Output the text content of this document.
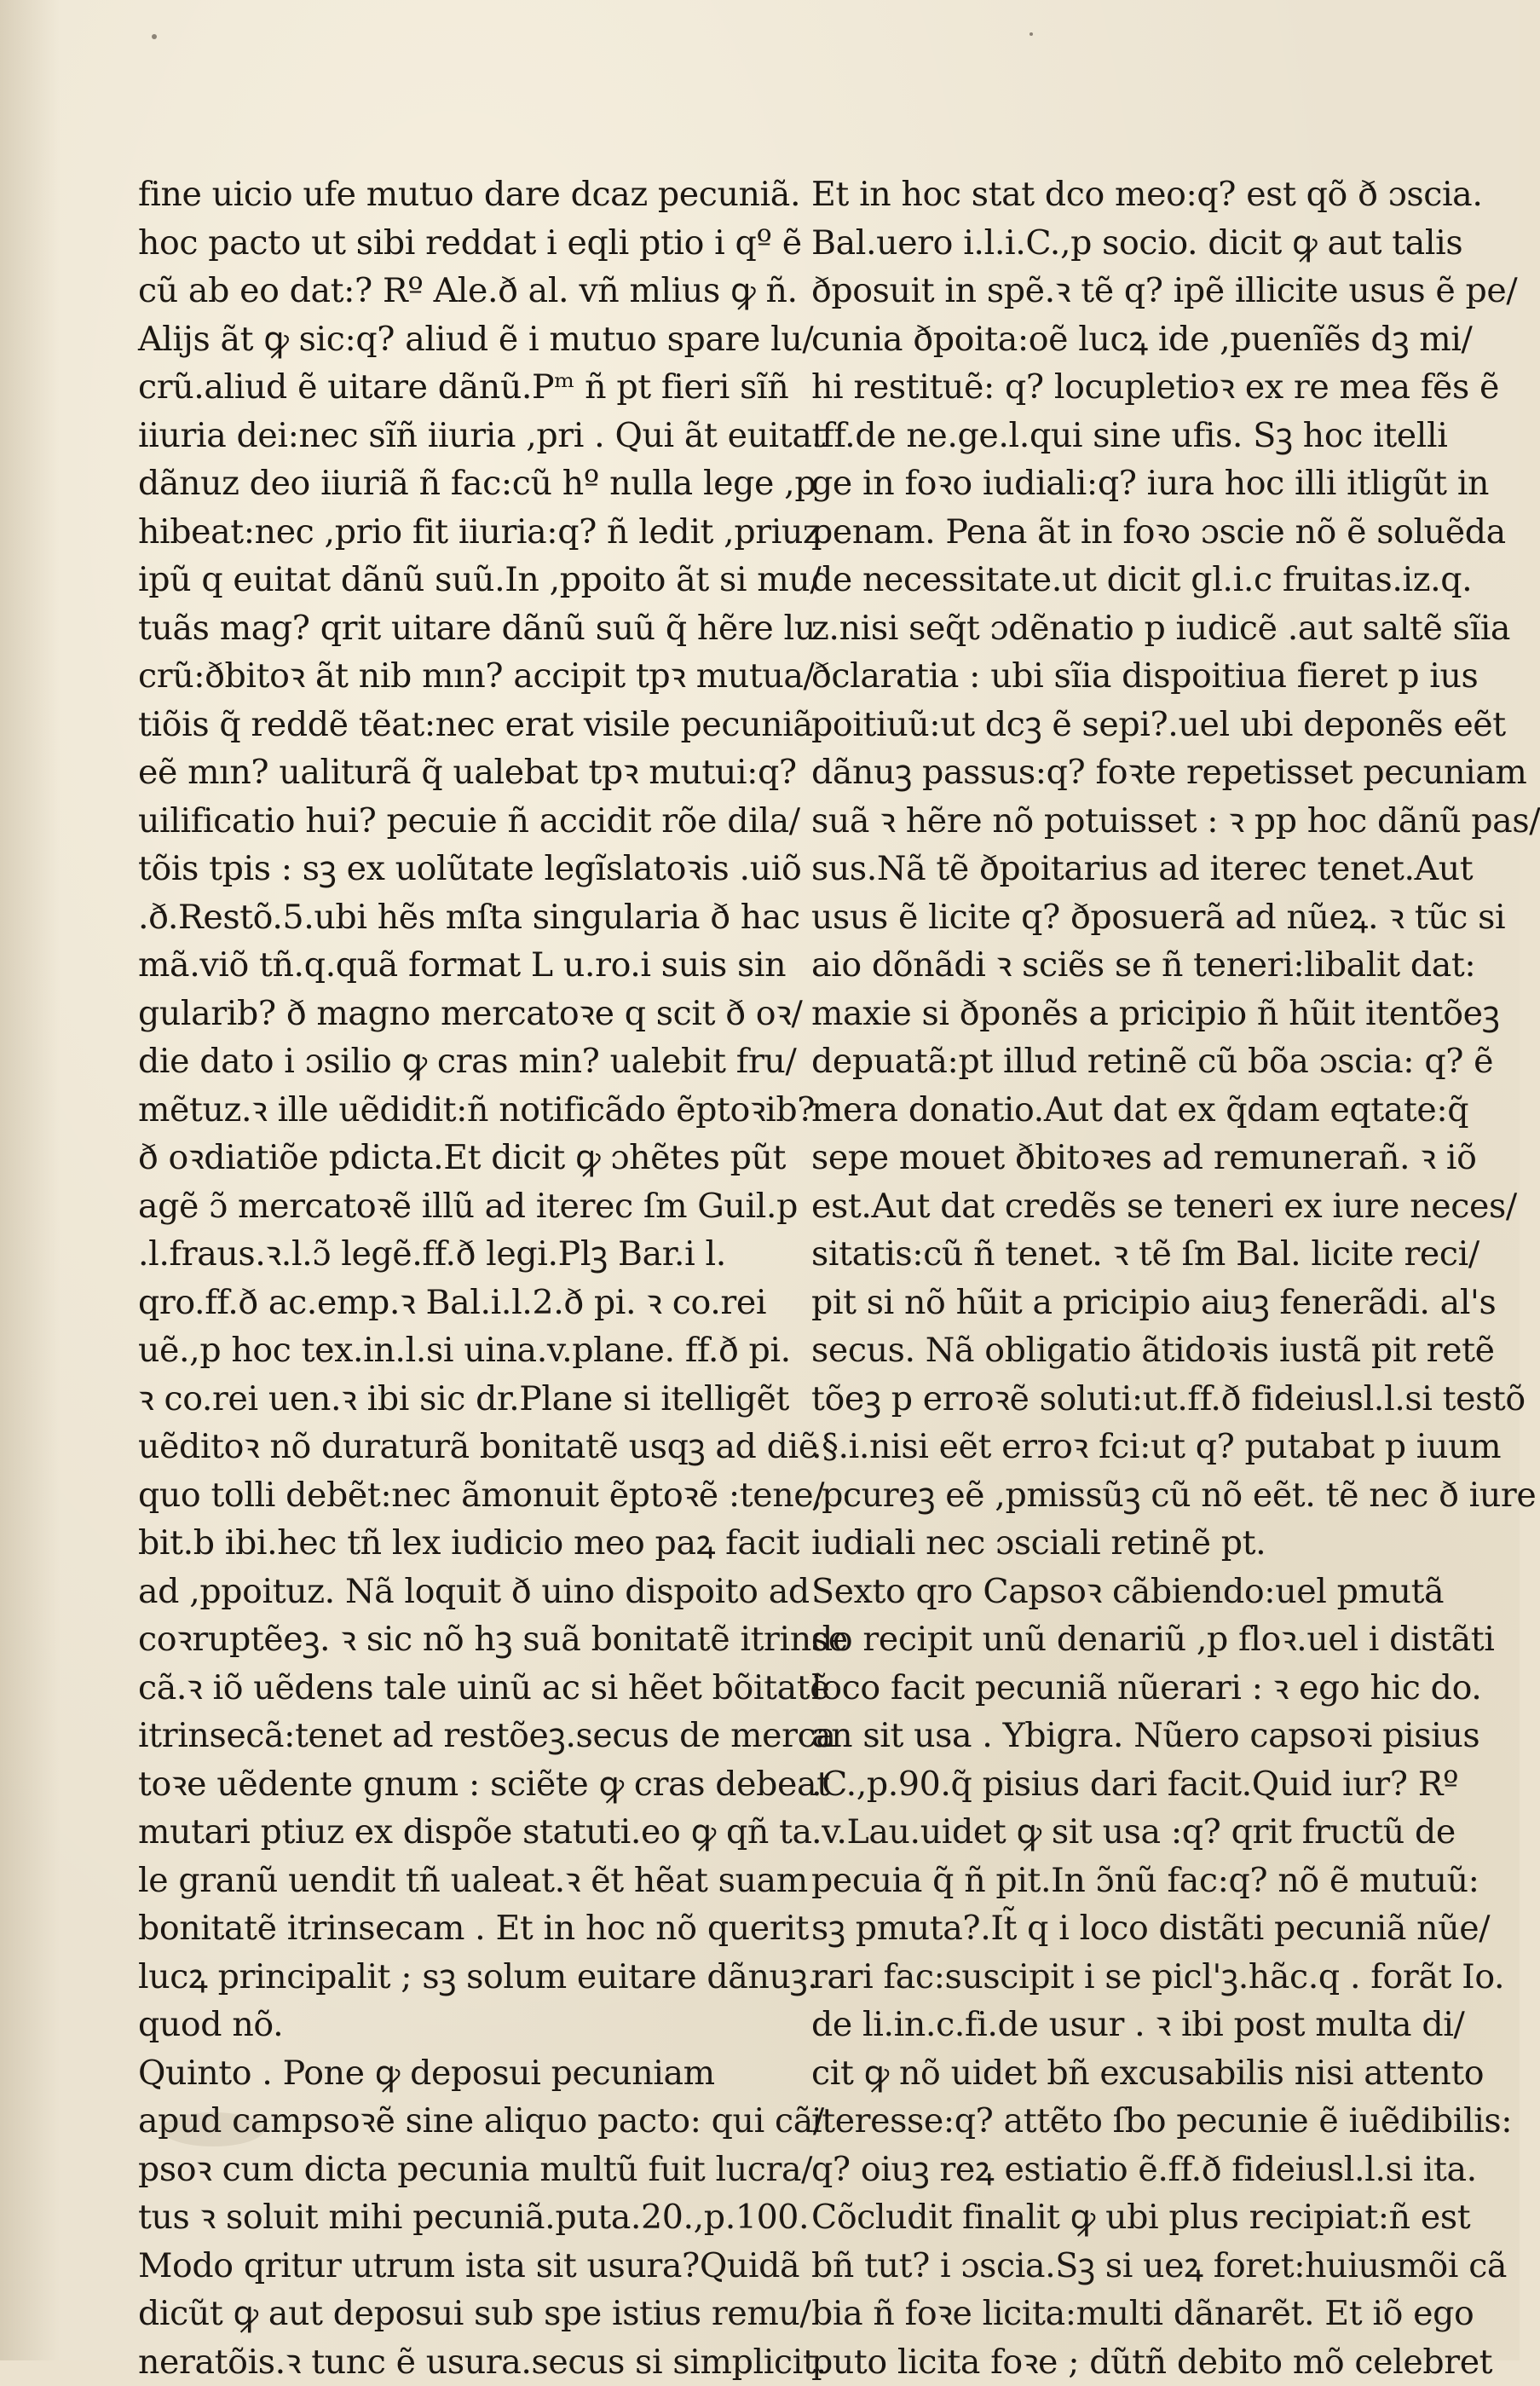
fine uicio ufe mutuo dare dcaz pecuniã.
hoc pacto ut sibi reddat i eqli ptio i qº ẽ
cũ ab eo dat:? Rº Ale.ð al. vñ mlius ꝙ ñ.
Alijs ãt ꝙ sic:q? aliud ẽ i mutuo spare lu/
crũ.aliud ẽ uitare dãnũ.Pᵐ ñ pt fieri sĩñ
iiuria dei:nec sĩñ iiuria ,pri . Qui ãt euitat
dãnuz deo iiuriã ñ fac:cũ hº nulla lege ,p
hibeat:nec ,prio fit iiuria:q? ñ ledit ,priuz
ipũ q euitat dãnũ suũ.In ,ppoito ãt si mu/
tuãs mag? qrit uitare dãnũ suũ q̃ hẽre lu
crũ:ðbitoꝛ ãt nib mın? accipit tpꝛ mutua/
tiõis q̃ reddẽ tẽat:nec erat visile pecuniã
eẽ mın? ualiturã q̃ ualebat tpꝛ mutui:q?
uilificatio hui? pecuie ñ accidit rõe dila/
tõis tpis : sꝫ ex uolũtate legĩslatoꝛis .uiõ
.ð.Restõ.5.ubi hẽs mſta singularia ð hac
mã.viõ tñ.q.quã format L u.ro.i suis sin
gularib? ð magno mercatoꝛe q scit ð oꝛ/
die dato i ɔsilio ꝙ cras min? ualebit fru/
mẽtuz.ꝛ ille uẽdidit:ñ notificãdo ẽptoꝛib?
ð oꝛdiatiõe pdicta.Et dicit ꝙ ɔhẽtes pũt
agẽ ɔ̃ mercatoꝛẽ illũ ad iterec ſm Guil.p
.l.fraus.ꝛ.l.ɔ̃ legẽ.ff.ð legi.Plꝫ Bar.i l.
qro.ff.ð ac.emp.ꝛ Bal.i.l.2.ð pi. ꝛ co.rei
uẽ.,p hoc tex.in.l.si uina.v.plane. ff.ð pi.
ꝛ co.rei uen.ꝛ ibi sic dr.Plane si itelligẽt
uẽditoꝛ nõ duraturã bonitatẽ usqꝫ ad diẽ
quo tolli debẽt:nec ãmonuit ẽptoꝛẽ :tene/
bit.b ibi.hec tñ lex iudicio meo paꝝ facit
ad ,ppoituz. Nã loquit ð uino dispoito ad
coꝛruptẽeꝫ. ꝛ sic nõ hꝫ suã bonitatẽ itrinse
cã.ꝛ iõ uẽdens tale uinũ ac si hẽet bõitatẽ
itrinsecã:tenet ad restõeꝫ.secus de merca
toꝛe uẽdente gnum : sciẽte ꝙ cras debeat
mutari ptiuz ex dispõe statuti.eo ꝙ qñ ta
le granũ uendit tñ ualeat.ꝛ ẽt hẽat suam
bonitatẽ itrinsecam . Et in hoc nõ querit
lucꝝ principalit ; sꝫ solum euitare dãnuꝫ.
quod nõ.
Quinto . Pone ꝙ deposui pecuniam
apud campsoꝛẽ sine aliquo pacto: qui cã/
psoꝛ cum dicta pecunia multũ fuit lucra/
tus ꝛ soluit mihi pecuniã.puta.20.,p.100.
Modo qritur utrum ista sit usura?Quidã
dicũt ꝙ aut deposui sub spe istius remu/
neratõis.ꝛ tunc ẽ usura.secus si simplicit.
Et in hoc stat dco meo:q? est qõ ð ɔscia.
Bal.uero i.l.i.C.,p socio. dicit ꝙ aut talis
ðposuit in spẽ.ꝛ tẽ q? ipẽ illicite usus ẽ pe/
cunia ðpoita:oẽ lucꝝ ide ,puenĩẽs dꝫ mi/
hi restituẽ: q? locupletioꝛ ex re mea fẽs ẽ
.ff.de ne.ge.l.qui sine ufis. Sꝫ hoc itelli
ge in foꝛo iudiali:q? iura hoc illi itligũt in
penam. Pena ãt in foꝛo ɔscie nõ ẽ soluẽda
de necessitate.ut dicit gl.i.c fruitas.iz.q.
z.nisi seq̃t ɔdẽnatio p iudicẽ .aut saltẽ sĩia
ðclaratia : ubi sĩia dispoitiua fieret p ius
poitiuũ:ut dcꝫ ẽ sepi?.uel ubi deponẽs eẽt
dãnuꝫ passus:q? foꝛte repetisset pecuniam
suã ꝛ hẽre nõ potuisset : ꝛ pp hoc dãnũ pas/
sus.Nã tẽ ðpoitarius ad iterec tenet.Aut
usus ẽ licite q? ðposuerã ad nũeꝝ. ꝛ tũc si
aio dõnãdi ꝛ sciẽs se ñ teneri:libalit dat:
maxie si ðponẽs a pricipio ñ hũit itentõeꝫ
depuatã:pt illud retinẽ cũ bõa ɔscia: q? ẽ
mera donatio.Aut dat ex q̃dam eqtate:q̃
sepe mouet ðbitoꝛes ad remunerañ. ꝛ iõ
est.Aut dat credẽs se teneri ex iure neces/
sitatis:cũ ñ tenet. ꝛ tẽ ſm Bal. licite reci/
pit si nõ hũit a pricipio aiuꝫ fenerãdi. al's
secus. Nã obligatio ãtidoꝛis iustã pit retẽ
tõeꝫ p erroꝛẽ soluti:ut.ff.ð fideiusl.l.si testõ
.§.i.nisi eẽt erroꝛ fci:ut q? putabat p iuum
,pcureꝫ eẽ ,pmissũꝫ cũ nõ eẽt. tẽ nec ð iure
iudiali nec ɔsciali retinẽ pt.
Sexto qro Capsoꝛ cãbiendo:uel pmutã
do recipit unũ denariũ ,p floꝛ.uel i distãti
loco facit pecuniã nũerari : ꝛ ego hic do.
an sit usa . Ybigra. Nũero capsoꝛi pisius
.C.,p.90.q̃ pisius dari facit.Quid iur? Rº
.v.Lau.uidet ꝙ sit usa :q? qrit fructũ de
pecuia q̃ ñ pit.In ɔ̃nũ fac:q? nõ ẽ mutuũ:
sꝫ pmuta?.It̃ q i loco distãti pecuniã nũe/
rari fac:suscipit i se picl'ꝫ.hãc.q . forãt Io.
de li.in.c.fi.de usur . ꝛ ibi post multa di/
cit ꝙ nõ uidet bñ excusabilis nisi attento
iteresse:q? attẽto ſbo pecunie ẽ iuẽdibilis:
q? oiuꝫ reꝝ estiatio ẽ.ff.ð fideiusl.l.si ita.
Cõcludit finalit ꝙ ubi plus recipiat:ñ est
bñ tut? i ɔscia.Sꝫ si ueꝝ foret:huiusmõi cã
bia ñ foꝛe licita:multi dãnarẽt. Et iõ ego
puto licita foꝛe ; dũtñ debito mõ celebret
